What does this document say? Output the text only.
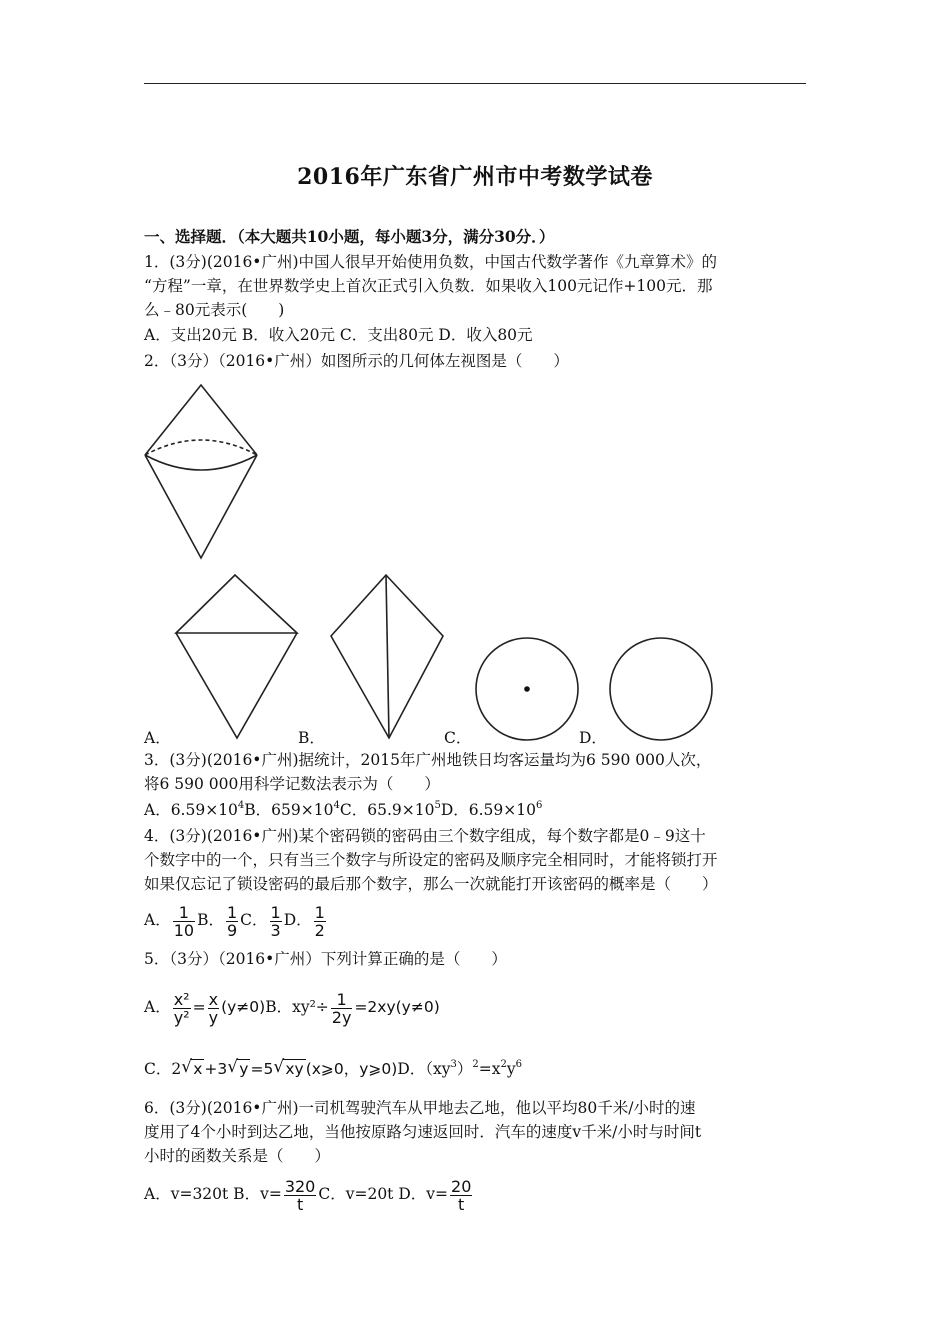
2016年广东省广州市中考数学试卷
一、选择题．（本大题共10小题，每小题3分，满分30分．）
1．(3分)(2016•广州)中国人很早开始使用负数，中国古代数学著作《九章算术》的
“方程”一章，在世界数学史上首次正式引入负数．如果收入100元记作+100元．那
么﹣80元表示(　　)
A．支出20元 B．收入20元 C．支出80元 D．收入80元
2．（3分）（2016•广州）如图所示的几何体左视图是（　　）
A．	B．	C．	D．
3．(3分)(2016•广州)据统计，2015年广州地铁日均客运量均为6 590 000人次，
将6 590 000用科学记数法表示为（　　）
A．$6.59\times 10^4B$．$659\times 10^4C$．$65.9\times 10^5D$．$6.59\times 10^6$
4．(3分)(2016•广州)某个密码锁的密码由三个数字组成，每个数字都是0﹣9这十
个数字中的一个，只有当三个数字与所设定的密码及顺序完全相同时，才能将锁打开
如果仅忘记了锁设密码的最后那个数字，那么一次就能打开该密码的概率是（　　）
A． $\frac{1}{10}$ B． $\frac{1}{9}$ C． $\frac{1}{3}$ D． $\frac{1}{2}$
5．（3分）（2016•广州）下列计算正确的是（　　）
A． $\frac{\text{x²}}{\text{y²}} = \frac{x}{y} (y\ne 0)B$．$xy^2\div \frac{1}{2y} =2xy(y\ne 0)$
C．2 √ x +3 √ y =5 √ xy (x⩾0，y⩾0)D．$(xy^3)^2=x^2y^6$
6．(3分)(2016•广州)一司机驾驶汽车从甲地去乙地，他以平均80千米/小时的速
度用了4个小时到达乙地，当他按原路匀速返回时．汽车的速度v千米/小时与时间t
小时的函数关系是（　　）
A．v=320t B．$v= \frac{320}{t}$ C．v=20t D．$v= \frac{20}{t}$
